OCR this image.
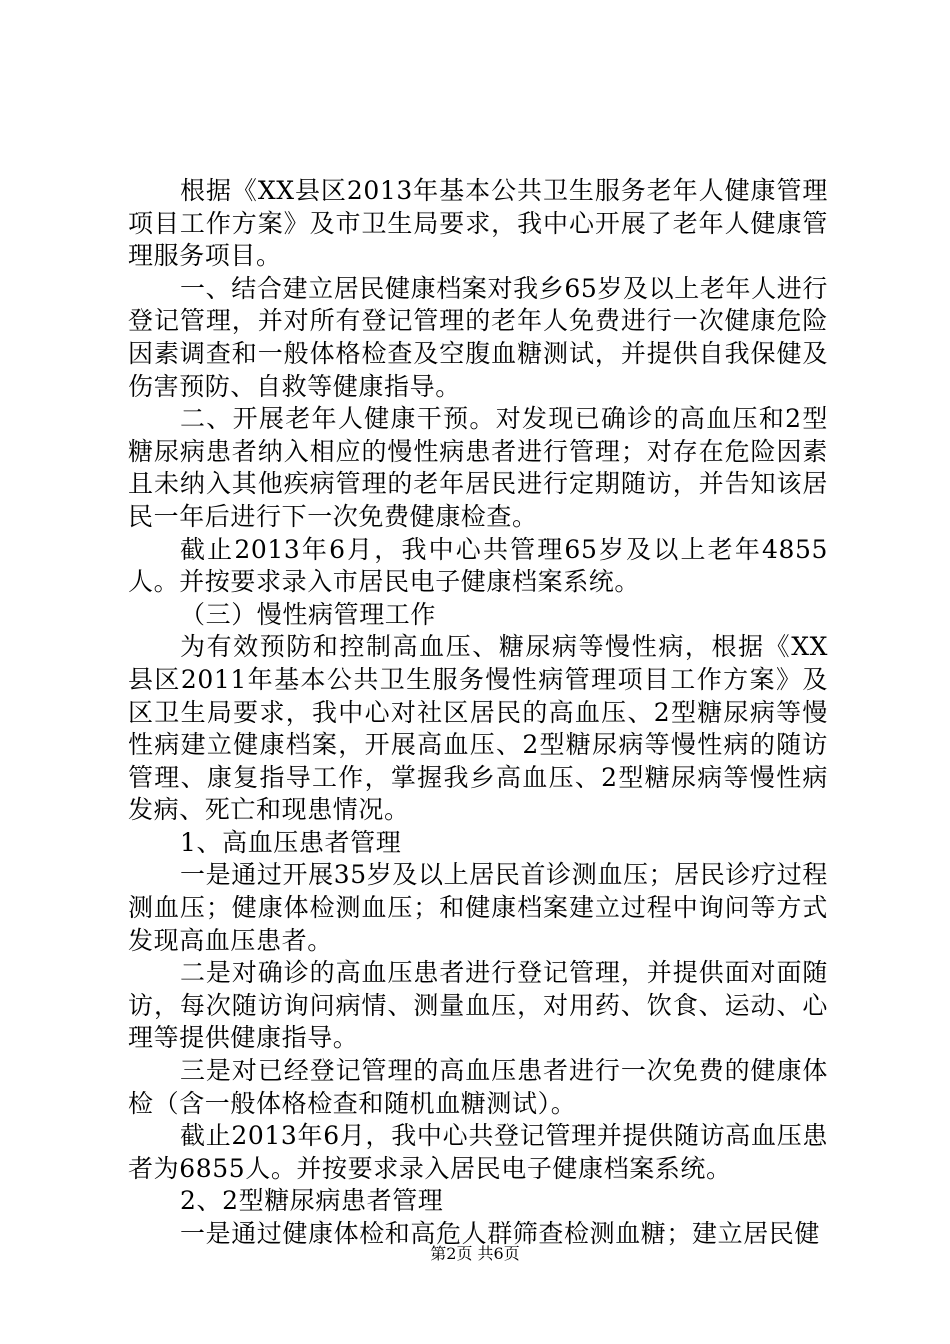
根据《XX县区2013年基本公共卫生服务老年人健康管理项目工作方案》及市卫生局要求，我中心开展了老年人健康管理服务项目。

一、结合建立居民健康档案对我乡65岁及以上老年人进行登记管理，并对所有登记管理的老年人免费进行一次健康危险因素调查和一般体格检查及空腹血糖测试，并提供自我保健及伤害预防、自救等健康指导。

二、开展老年人健康干预。对发现已确诊的高血压和2型糖尿病患者纳入相应的慢性病患者进行管理；对存在危险因素且未纳入其他疾病管理的老年居民进行定期随访，并告知该居民一年后进行下一次免费健康检查。

截止2013年6月，我中心共管理65岁及以上老年4855人。并按要求录入市居民电子健康档案系统。

（三）慢性病管理工作

为有效预防和控制高血压、糖尿病等慢性病，根据《XX县区2011年基本公共卫生服务慢性病管理项目工作方案》及区卫生局要求，我中心对社区居民的高血压、2型糖尿病等慢性病建立健康档案，开展高血压、2型糖尿病等慢性病的随访管理、康复指导工作，掌握我乡高血压、2型糖尿病等慢性病发病、死亡和现患情况。

1、高血压患者管理

一是通过开展35岁及以上居民首诊测血压；居民诊疗过程测血压；健康体检测血压；和健康档案建立过程中询问等方式发现高血压患者。

二是对确诊的高血压患者进行登记管理，并提供面对面随访，每次随访询问病情、测量血压，对用药、饮食、运动、心理等提供健康指导。

三是对已经登记管理的高血压患者进行一次免费的健康体检（含一般体格检查和随机血糖测试）。

截止2013年6月，我中心共登记管理并提供随访高血压患者为6855人。并按要求录入居民电子健康档案系统。

2、2型糖尿病患者管理

一是通过健康体检和高危人群筛查检测血糖；建立居民健

第2页 共6页
